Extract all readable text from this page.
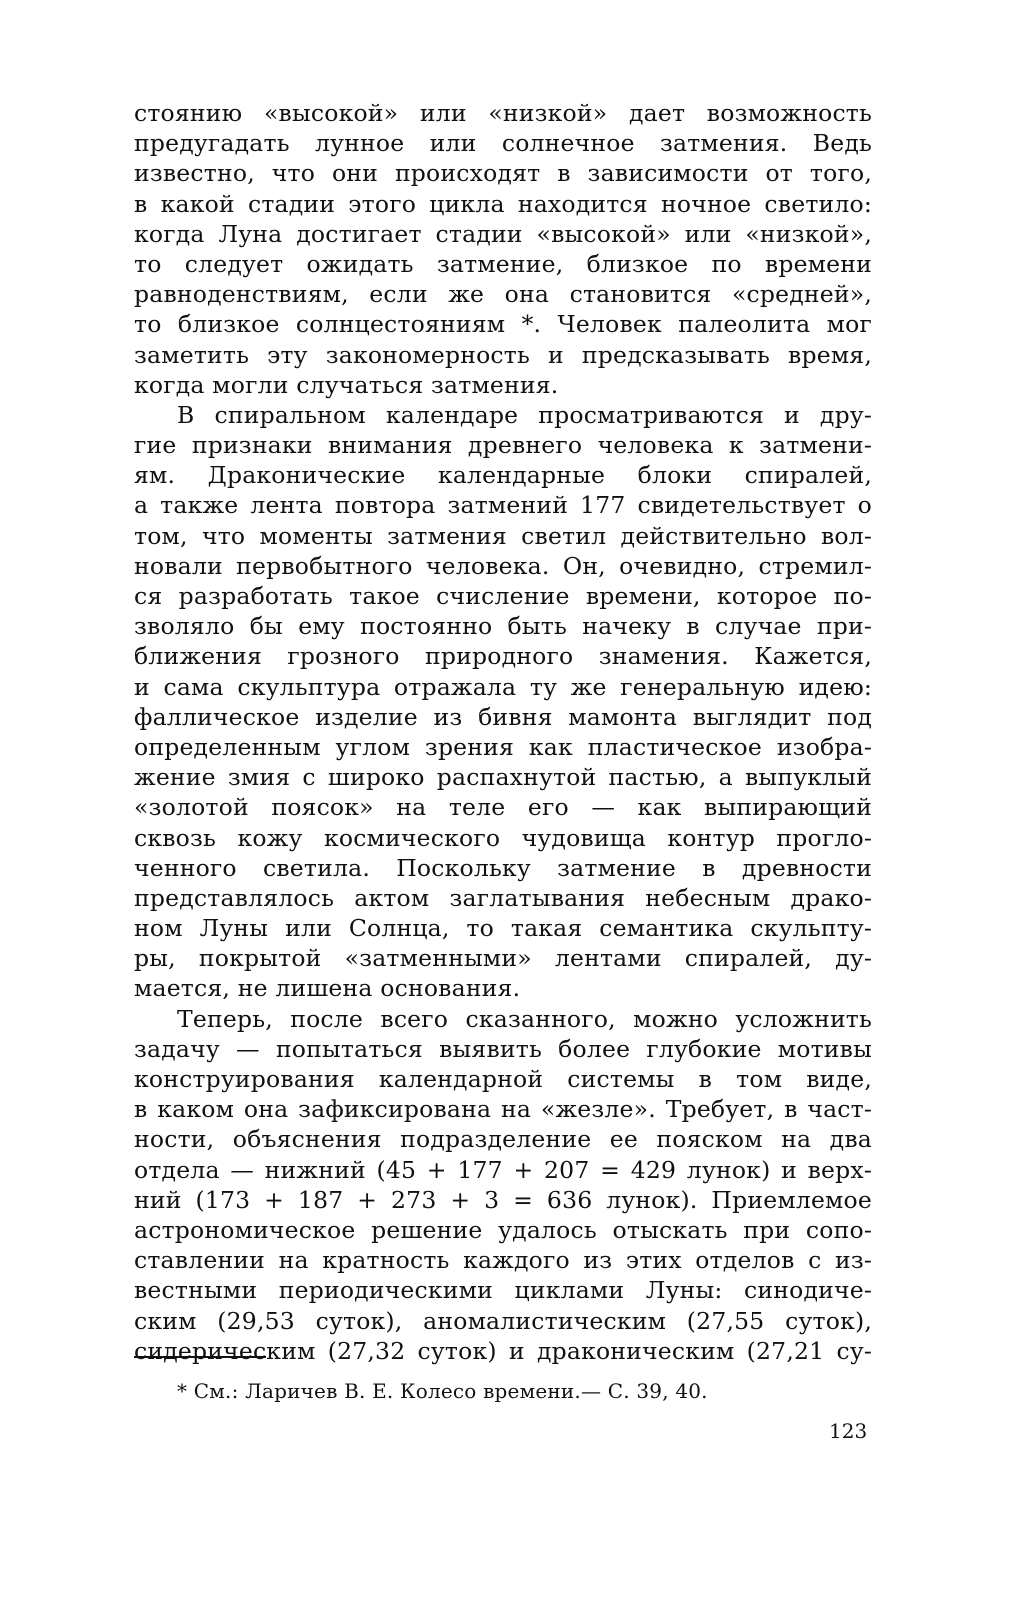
стоянию «высокой» или «низкой» дает возможность
предугадать лунное или солнечное затмения. Ведь
известно, что они происходят в зависимости от того,
в какой стадии этого цикла находится ночное светило:
когда Луна достигает стадии «высокой» или «низкой»,
то следует ожидать затмение, близкое по времени
равноденствиям, если же она становится «средней»,
то близкое солнцестояниям *. Человек палеолита мог
заметить эту закономерность и предсказывать время,
когда могли случаться затмения.
В спиральном календаре просматриваются и дру-
гие признаки внимания древнего человека к затмени-
ям. Драконические календарные блоки спиралей,
а также лента повтора затмений 177 свидетельствует о
том, что моменты затмения светил действительно вол-
новали первобытного человека. Он, очевидно, стремил-
ся разработать такое счисление времени, которое по-
зволяло бы ему постоянно быть начеку в случае при-
ближения грозного природного знамения. Кажется,
и сама скульптура отражала ту же генеральную идею:
фаллическое изделие из бивня мамонта выглядит под
определенным углом зрения как пластическое изобра-
жение змия с широко распахнутой пастью, а выпуклый
«золотой поясок» на теле его — как выпирающий
сквозь кожу космического чудовища контур прогло-
ченного светила. Поскольку затмение в древности
представлялось актом заглатывания небесным драко-
ном Луны или Солнца, то такая семантика скульпту-
ры, покрытой «затменными» лентами спиралей, ду-
мается, не лишена основания.
Теперь, после всего сказанного, можно усложнить
задачу — попытаться выявить более глубокие мотивы
конструирования календарной системы в том виде,
в каком она зафиксирована на «жезле». Требует, в част-
ности, объяснения подразделение ее пояском на два
отдела — нижний (45 + 177 + 207 = 429 лунок) и верх-
ний (173 + 187 + 273 + 3 = 636 лунок). Приемлемое
астрономическое решение удалось отыскать при сопо-
ставлении на кратность каждого из этих отделов с из-
вестными периодическими циклами Луны: синодиче-
ским (29,53 суток), аномалистическим (27,55 суток),
сидерическим (27,32 суток) и драконическим (27,21 су-
* См.: Ларичев В. Е. Колесо времени.— С. 39, 40.
123
